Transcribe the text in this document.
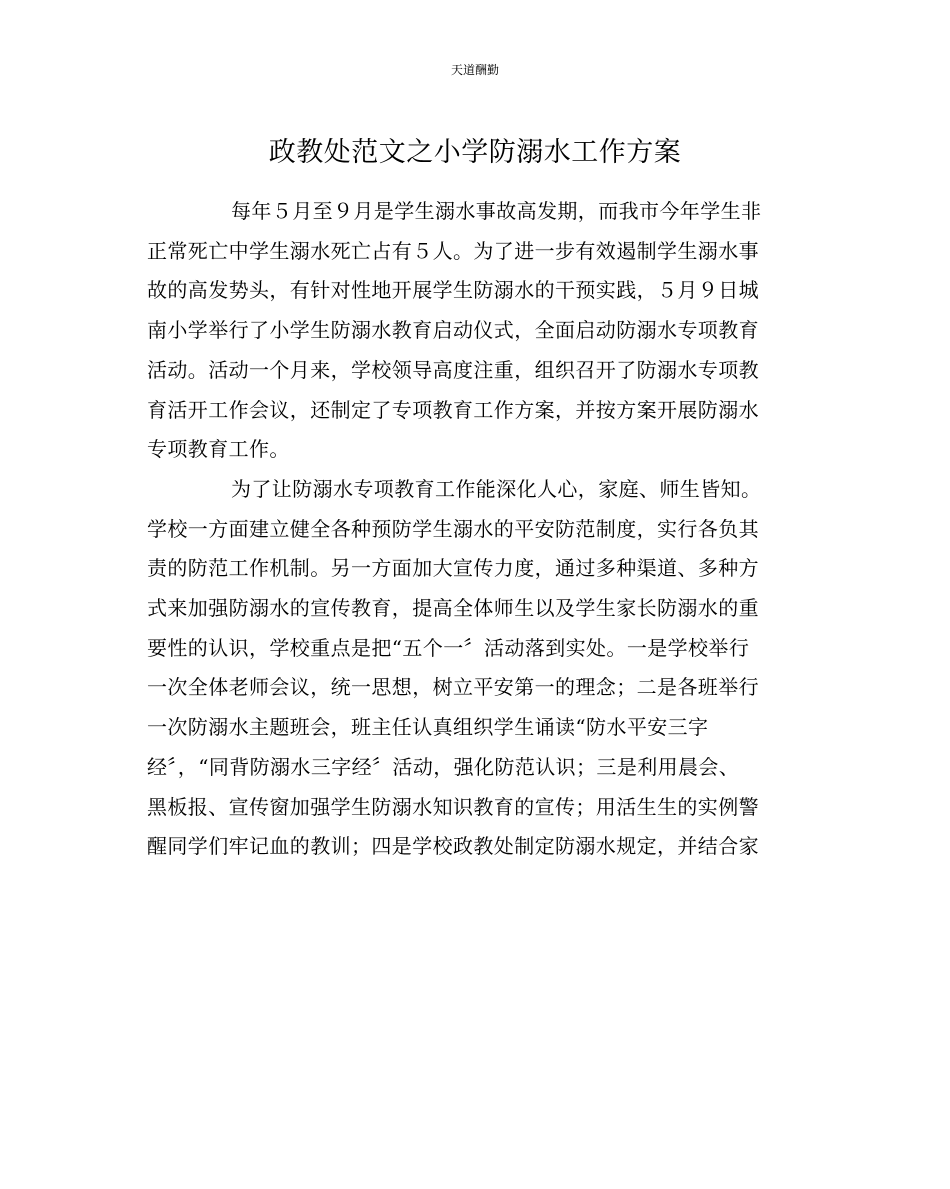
天道酬勤
政教处范文之小学防溺水工作方案

每年５月至９月是学生溺水事故高发期，而我市今年学生非
正常死亡中学生溺水死亡占有５人。为了进一步有效遏制学生溺水事
故的高发势头，有针对性地开展学生防溺水的干预实践，５月９日城
南小学举行了小学生防溺水教育启动仪式，全面启动防溺水专项教育
活动。活动一个月来，学校领导高度注重，组织召开了防溺水专项教
育活开工作会议，还制定了专项教育工作方案，并按方案开展防溺水
专项教育工作。

为了让防溺水专项教育工作能深化人心，家庭、师生皆知。
学校一方面建立健全各种预防学生溺水的平安防范制度，实行各负其
责的防范工作机制。另一方面加大宣传力度，通过多种渠道、多种方
式来加强防溺水的宣传教育，提高全体师生以及学生家长防溺水的重
要性的认识，学校重点是把“五个一〞活动落到实处。一是学校举行
一次全体老师会议，统一思想，树立平安第一的理念；二是各班举行
一次防溺水主题班会，班主任认真组织学生诵读“防水平安三字
经〞，“同背防溺水三字经〞活动，强化防范认识；三是利用晨会、
黑板报、宣传窗加强学生防溺水知识教育的宣传；用活生生的实例警
醒同学们牢记血的教训；四是学校政教处制定防溺水规定，并结合家
